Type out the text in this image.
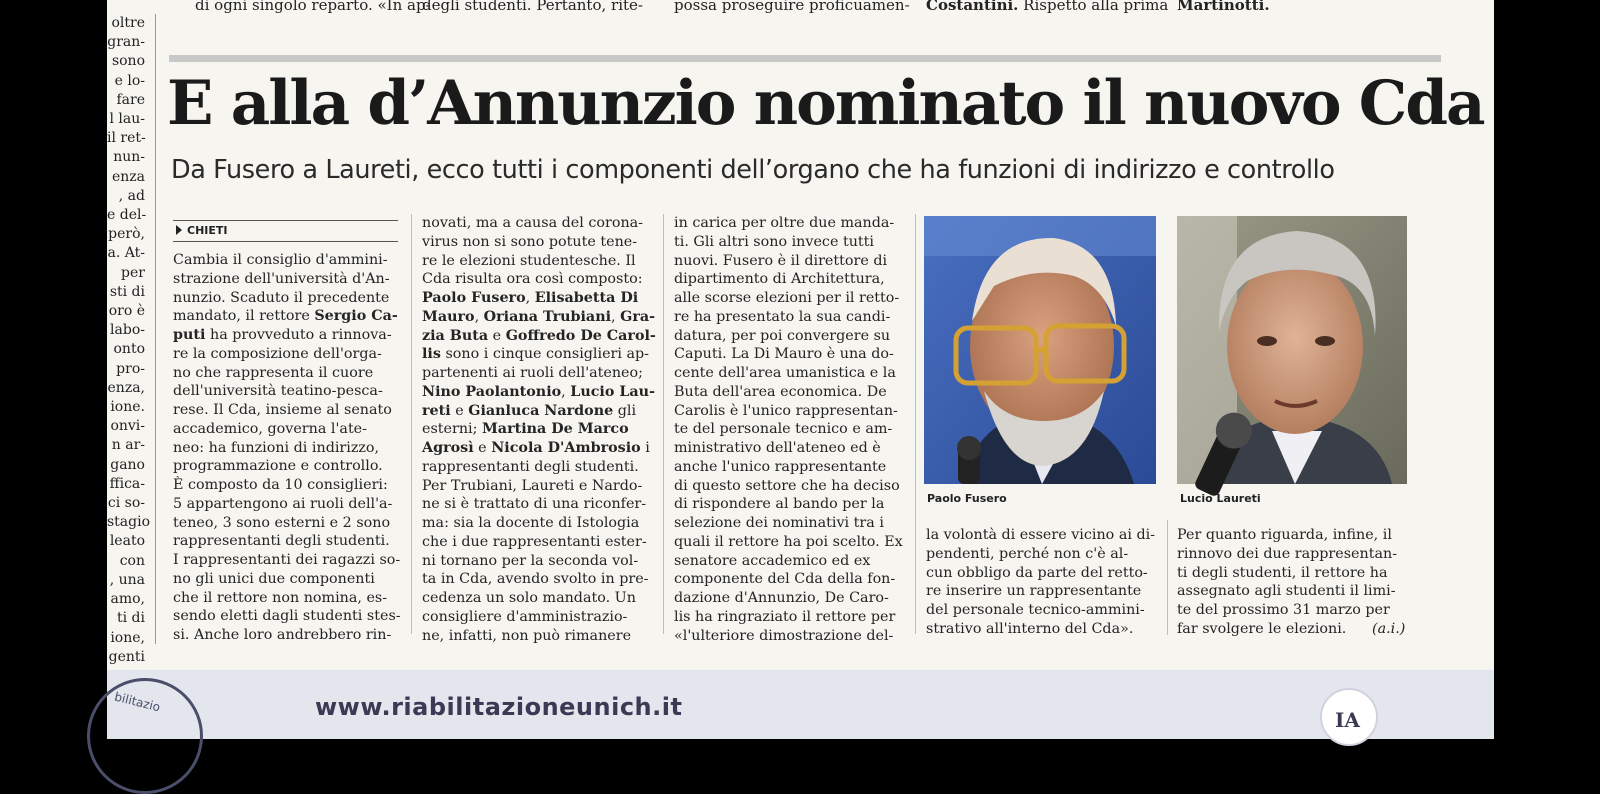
di ogni singolo reparto. «In ap-
degli studenti. Pertanto, rite- possa proseguire proficuamen- Costantini. Rispetto alla prima Martinotti.
oltre
gran-
sono
e lo-
fare
l lau-
il ret-
nun-
enza
, ad
e del-
però,
a. At-
per
sti di
oro è
labo-
onto
pro-
enza,
ione.
onvi-
n ar-
gano
ffica-
ci so-
stagio
leato
con
, una
amo,
ti di
ione,
genti
E alla d’Annunzio nominato il nuovo Cda
Da Fusero a Laureti, ecco tutti i componenti dell’organo che ha funzioni di indirizzo e controllo
CHIETI
Cambia il consiglio d'ammini-
strazione dell'università d'An-
nunzio. Scaduto il precedente
mandato, il rettore Sergio Ca-
puti ha provveduto a rinnova-
re la composizione dell'orga-
no che rappresenta il cuore
dell'università teatino-pesca-
rese. Il Cda, insieme al senato
accademico, governa l'ate-
neo: ha funzioni di indirizzo,
programmazione e controllo.
È composto da 10 consiglieri:
5 appartengono ai ruoli dell'a-
teneo, 3 sono esterni e 2 sono
rappresentanti degli studenti.
I rappresentanti dei ragazzi so-
no gli unici due componenti
che il rettore non nomina, es-
sendo eletti dagli studenti stes-
si. Anche loro andrebbero rin-
novati, ma a causa del corona-
virus non si sono potute tene-
re le elezioni studentesche. Il
Cda risulta ora così composto:
Paolo Fusero, Elisabetta Di
Mauro, Oriana Trubiani, Gra-
zia Buta e Goffredo De Carol-
lis sono i cinque consiglieri ap-
partenenti ai ruoli dell'ateneo;
Nino Paolantonio, Lucio Lau-
reti e Gianluca Nardone gli
esterni; Martina De Marco
Agrosì e Nicola D'Ambrosio i
rappresentanti degli studenti.
Per Trubiani, Laureti e Nardo-
ne si è trattato di una riconfer-
ma: sia la docente di Istologia
che i due rappresentanti ester-
ni tornano per la seconda vol-
ta in Cda, avendo svolto in pre-
cedenza un solo mandato. Un
consigliere d'amministrazio-
ne, infatti, non può rimanere
in carica per oltre due manda-
ti. Gli altri sono invece tutti
nuovi. Fusero è il direttore di
dipartimento di Architettura,
alle scorse elezioni per il retto-
re ha presentato la sua candi-
datura, per poi convergere su
Caputi. La Di Mauro è una do-
cente dell'area umanistica e la
Buta dell'area economica. De
Carolis è l'unico rappresentan-
te del personale tecnico e am-
ministrativo dell'ateneo ed è
anche l'unico rappresentante
di questo settore che ha deciso
di rispondere al bando per la
selezione dei nominativi tra i
quali il rettore ha poi scelto. Ex
senatore accademico ed ex
componente del Cda della fon-
dazione d'Annunzio, De Caro-
lis ha ringraziato il rettore per
«l'ulteriore dimostrazione del-
la volontà di essere vicino ai di-
pendenti, perché non c'è al-
cun obbligo da parte del retto-
re inserire un rappresentante
del personale tecnico-ammini-
strativo all'interno del Cda».
Per quanto riguarda, infine, il
rinnovo dei due rappresentan-
ti degli studenti, il rettore ha
assegnato agli studenti il limi-
te del prossimo 31 marzo per
far svolgere le elezioni.	(a.i.)
Paolo Fusero	Lucio Laureti
bilitazio	www.riabilitazioneunich.it	IA
